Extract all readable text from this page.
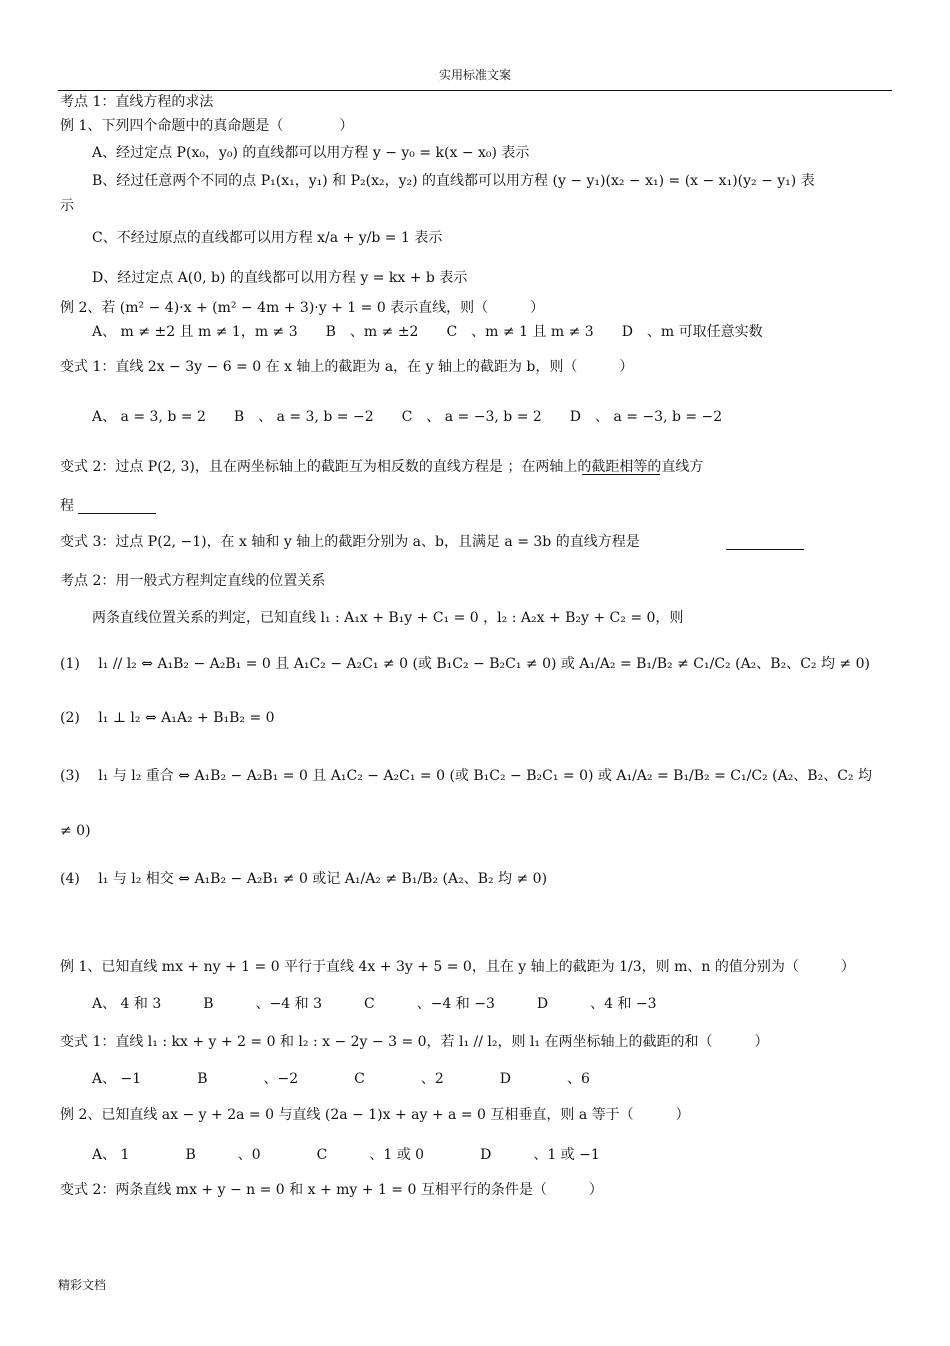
实用标准文案
考点 1：直线方程的求法
例 1、下列四个命题中的真命题是（　　　　）
A、经过定点 P(x₀，y₀) 的直线都可以用方程 y − y₀ = k(x − x₀) 表示
B、经过任意两个不同的点 P₁(x₁，y₁) 和 P₂(x₂，y₂) 的直线都可以用方程 (y − y₁)(x₂ − x₁) = (x − x₁)(y₂ − y₁) 表
示
C、不经过原点的直线都可以用方程 x/a + y/b = 1 表示
D、经过定点 A(0, b) 的直线都可以用方程 y = kx + b 表示
例 2、若 (m² − 4)·x + (m² − 4m + 3)·y + 1 = 0 表示直线，则（　　　）
A、 m ≠ ±2 且 m ≠ 1，m ≠ 3　　B　、m ≠ ±2　　C　、m ≠ 1 且 m ≠ 3　　D　、m 可取任意实数
变式 1：直线 2x − 3y − 6 = 0 在 x 轴上的截距为 a，在 y 轴上的截距为 b，则（　　　）
A、 a = 3, b = 2　　B　、 a = 3, b = −2　　C　、 a = −3, b = 2　　D　、 a = −3, b = −2
变式 2：过点 P(2, 3)，且在两坐标轴上的截距互为相反数的直线方程是 ；在两轴上的截距相等的直线方
程
变式 3：过点 P(2, −1)，在 x 轴和 y 轴上的截距分别为 a、b，且满足 a = 3b 的直线方程是
考点 2：用一般式方程判定直线的位置关系
两条直线位置关系的判定，已知直线 l₁ : A₁x + B₁y + C₁ = 0 ，l₂ : A₂x + B₂y + C₂ = 0，则
(1)　 l₁ // l₂ ⇔ A₁B₂ − A₂B₁ = 0 且 A₁C₂ − A₂C₁ ≠ 0 (或 B₁C₂ − B₂C₁ ≠ 0) 或 A₁/A₂ = B₁/B₂ ≠ C₁/C₂ (A₂、B₂、C₂ 均 ≠ 0)
(2)　 l₁ ⊥ l₂ ⇔ A₁A₂ + B₁B₂ = 0
(3)　 l₁ 与 l₂ 重合 ⇔ A₁B₂ − A₂B₁ = 0 且 A₁C₂ − A₂C₁ = 0 (或 B₁C₂ − B₂C₁ = 0) 或 A₁/A₂ = B₁/B₂ = C₁/C₂ (A₂、B₂、C₂ 均
≠ 0)
(4)　 l₁ 与 l₂ 相交 ⇔ A₁B₂ − A₂B₁ ≠ 0 或记 A₁/A₂ ≠ B₁/B₂ (A₂、B₂ 均 ≠ 0)
例 1、已知直线 mx + ny + 1 = 0 平行于直线 4x + 3y + 5 = 0，且在 y 轴上的截距为 1/3，则 m、n 的值分别为（　　　）
A、 4 和 3　　　B　　　、−4 和 3　　　C　　　、−4 和 −3　　　D　　　、4 和 −3
变式 1：直线 l₁ : kx + y + 2 = 0 和 l₂ : x − 2y − 3 = 0，若 l₁ // l₂，则 l₁ 在两坐标轴上的截距的和（　　　）
A、 −1　　　　B　　　　、−2　　　　C　　　　、2　　　　D　　　　、6
例 2、已知直线 ax − y + 2a = 0 与直线 (2a − 1)x + ay + a = 0 互相垂直，则 a 等于（　　　）
A、 1　　　　B　　　、0　　　　C　　　、1 或 0　　　　D　　　、1 或 −1
变式 2：两条直线 mx + y − n = 0 和 x + my + 1 = 0 互相平行的条件是（　　　）
精彩文档
